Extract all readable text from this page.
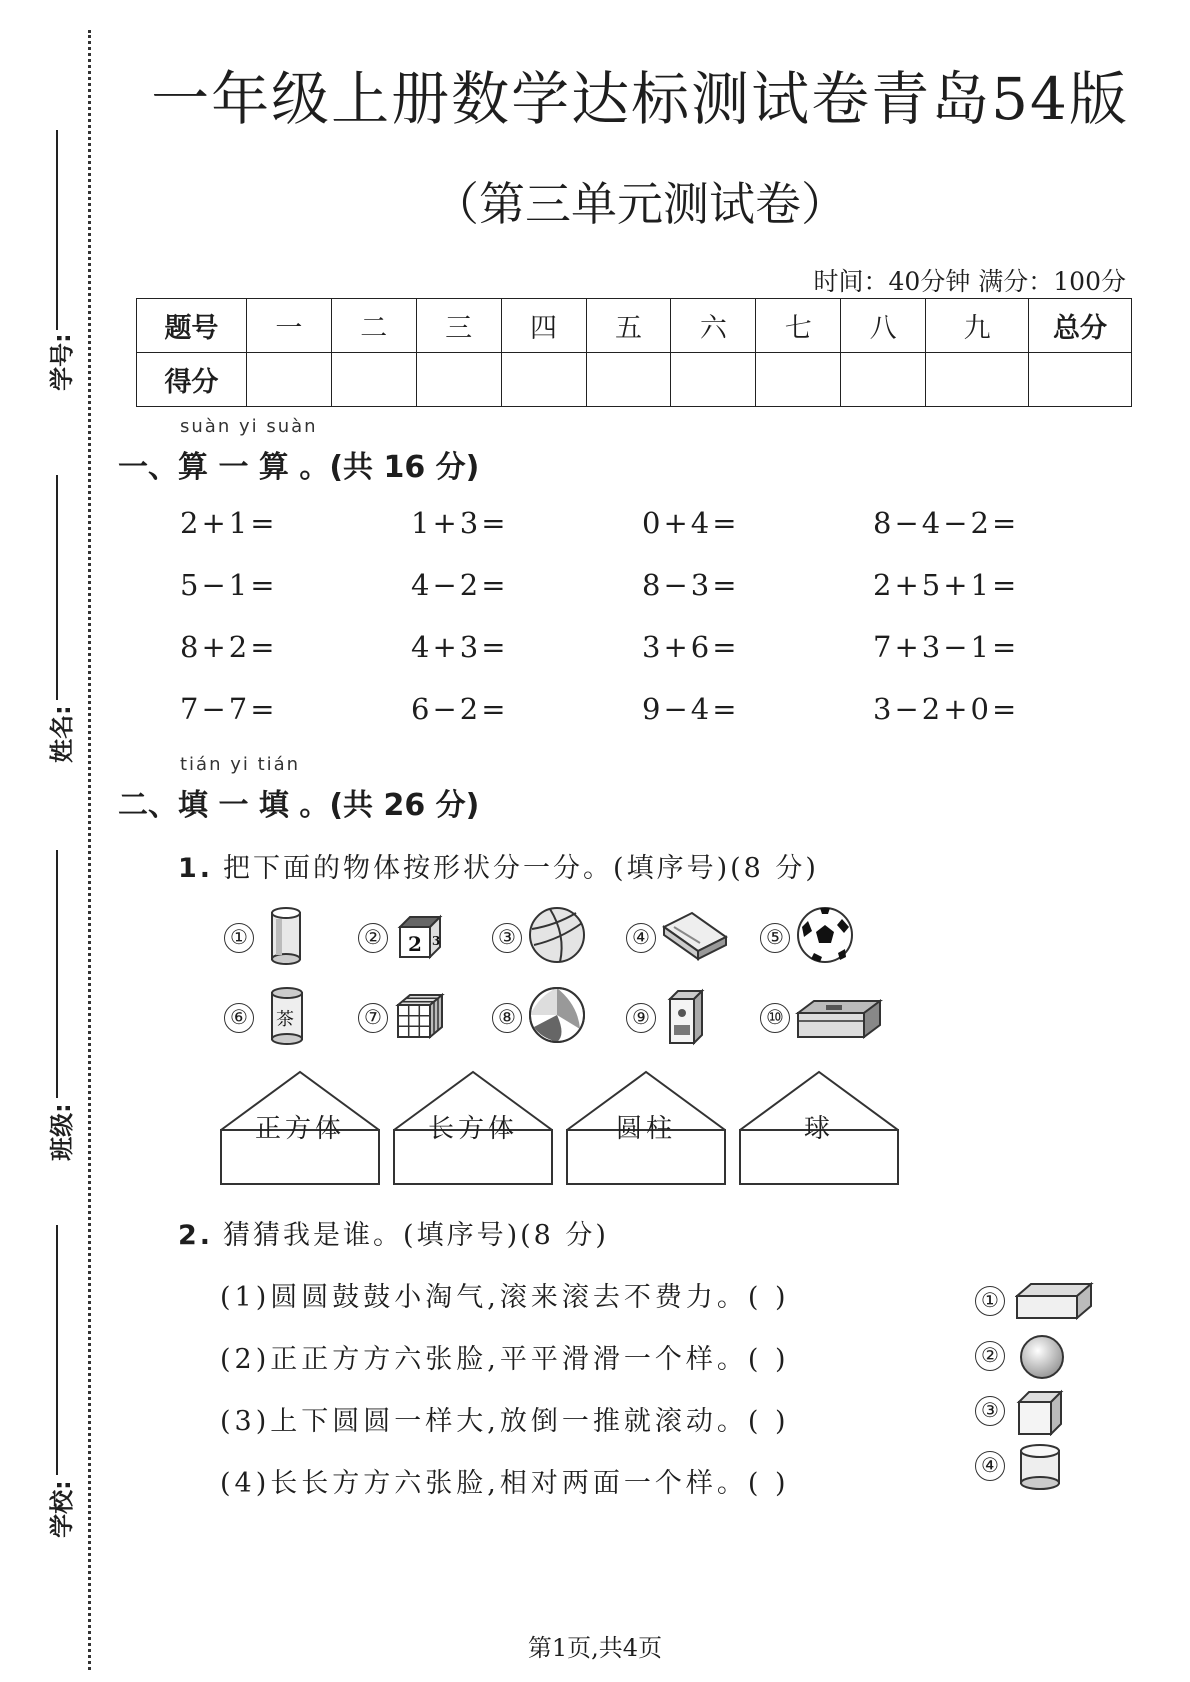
学号:
姓名:
班级:
学校:
一年级上册数学达标测试卷青岛54版
（第三单元测试卷）
时间：40分钟 满分：100分
题号	一	二	三	四	五	六	七	八	九	总分
得分										
suàn yi suàn
一、算 一 算 。(共 16 分)
2+1=	1+3=	0+4=	8−4−2=
5−1=	4−2=	8−3=	2+5+1=
8+2=	4+3=	3+6=	7+3−1=
7−7=	6−2=	9−4=	3−2+0=
tián yi tián
二、填 一 填 。(共 26 分)
1. 把下面的物体按形状分一分。(填序号)(8 分)
①	②	2 3	③	④	⑤
⑥	茶	⑦	⑧	⑨	⑩
正方体	长方体	圆柱	球
2. 猜猜我是谁。(填序号)(8 分)
(1)圆圆鼓鼓小淘气,滚来滚去不费力。( )
(2)正正方方六张脸,平平滑滑一个样。( )
(3)上下圆圆一样大,放倒一推就滚动。( )
(4)长长方方六张脸,相对两面一个样。( )
①
②
③
④
第1页,共4页
